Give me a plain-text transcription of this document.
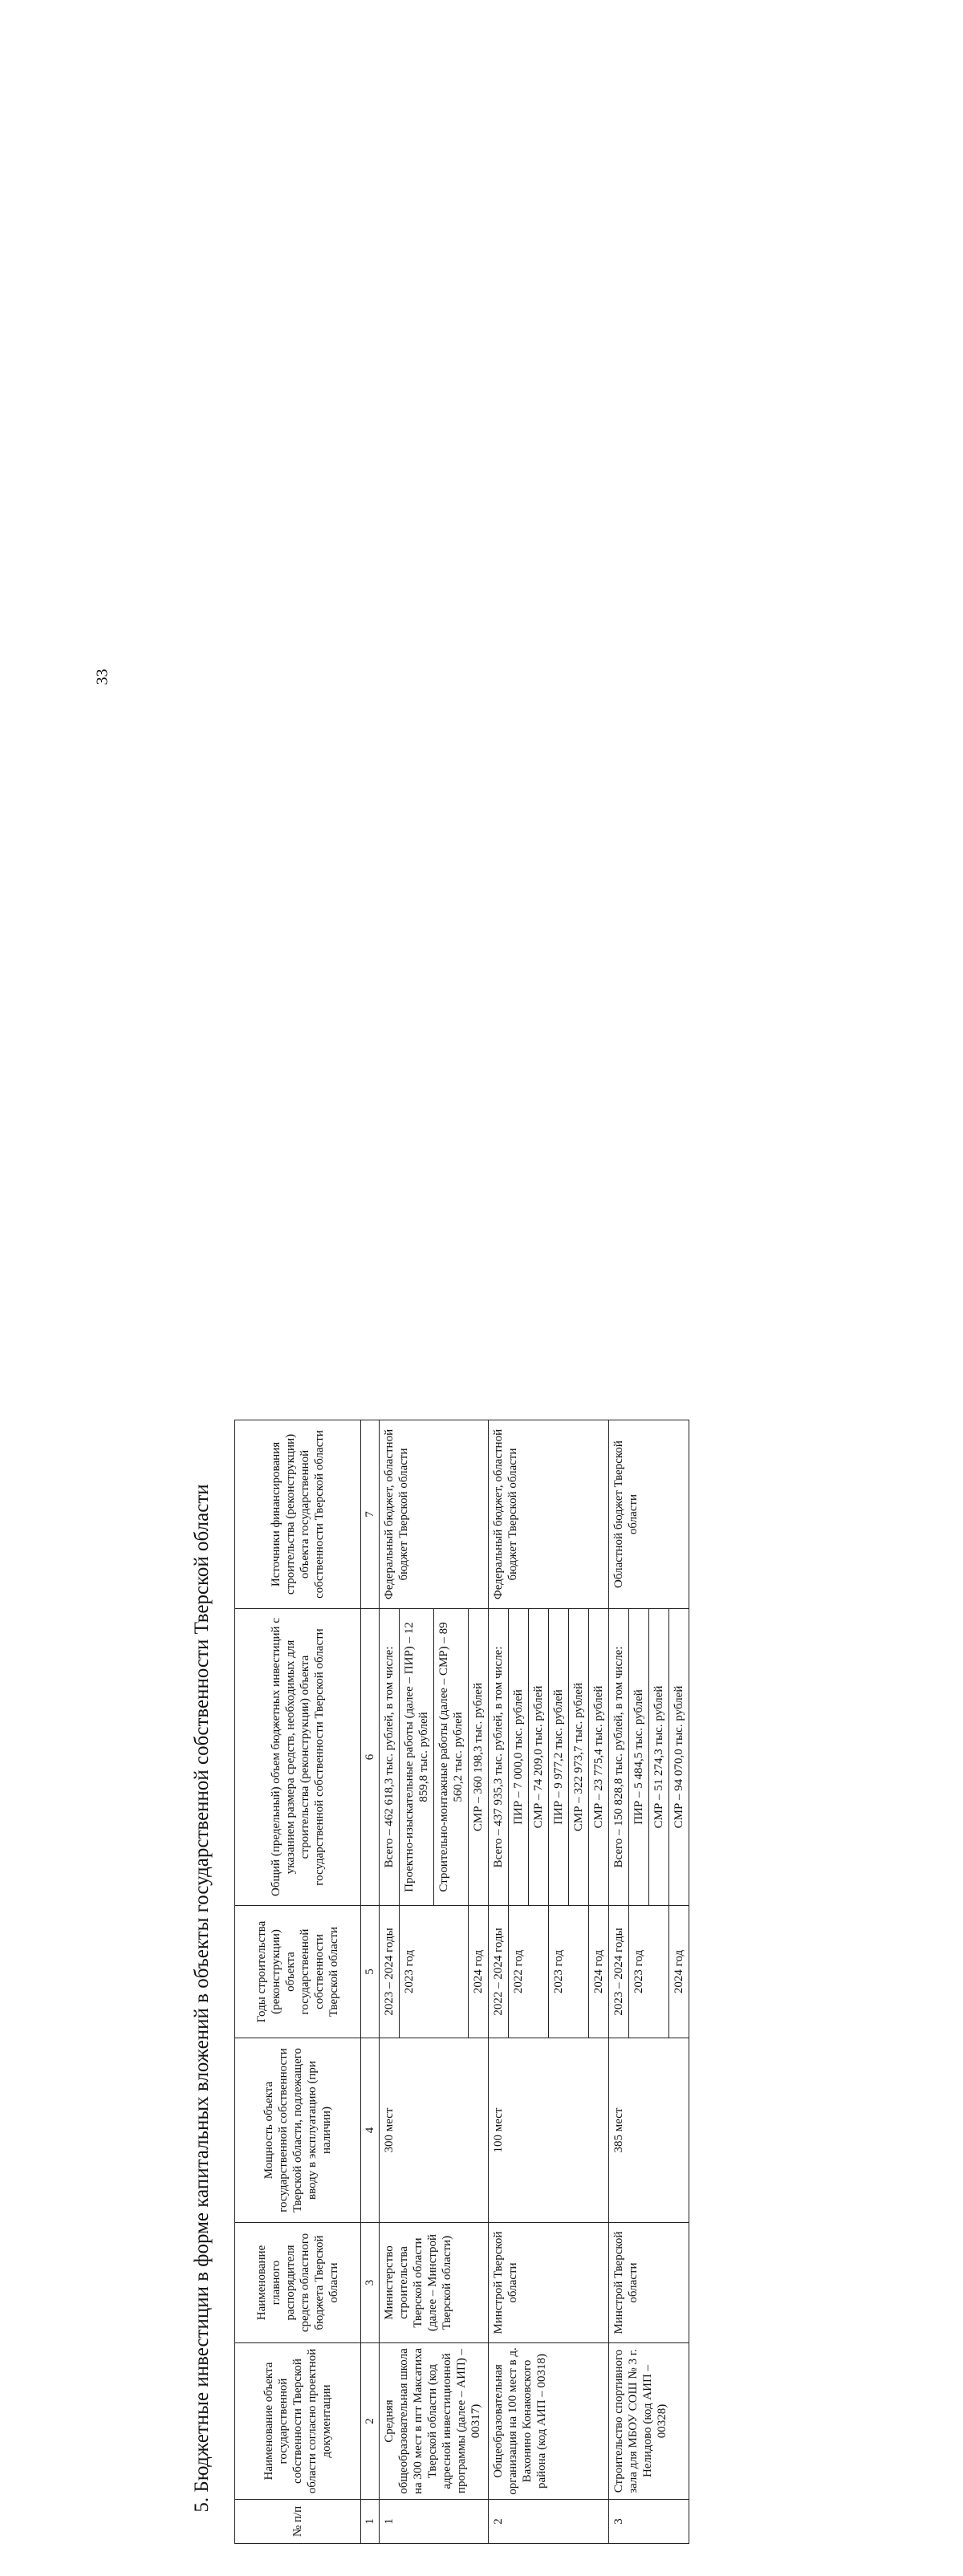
33
5. Бюджетные инвестиции в форме капитальных вложений в объекты государственной собственности Тверской области
№ п/п	Наименование объекта государственной собственности Тверской области согласно проектной документации	Наименование главного распорядителя средств областного бюджета Тверской области	Мощность объекта государственной собственности Тверской области, подлежащего вводу в эксплуатацию (при наличии)	Годы строительства (реконструкции) объекта государственной собственности Тверской области	Общий (предельный) объем бюджетных инвестиций с указанием размера средств, необходимых для строительства (реконструкции) объекта государственной собственности Тверской области	Источники финансирования строительства (реконструкции) объекта государственной собственности Тверской области
1	2	3	4	5	6	7
1	Средняя общеобразовательная школа на 300 мест в пгт Максатиха Тверской области (код адресной инвестиционной программы (далее – АИП) – 00317)	Министерство строительства Тверской области (далее – Минстрой Тверской области)	300 мест	2023 – 2024 годы	Всего – 462 618,3 тыс. рублей, в том числе:	Федеральный бюджет, областной бюджет Тверской области
				2023 год	Проектно-изыскательные работы (далее – ПИР) – 12 859,8 тыс. рублей	
					Строительно-монтажные работы (далее – СМР) – 89 560,2 тыс. рублей	
				2024 год	СМР – 360 198,3 тыс. рублей	
2	Общеобразовательная организация на 100 мест в д. Вахонино Конаковского района (код АИП – 00318)	Минстрой Тверской области	100 мест	2022 – 2024 годы	Всего – 437 935,3 тыс. рублей, в том числе:	Федеральный бюджет, областной бюджет Тверской области
				2022 год	ПИР – 7 000,0 тыс. рублей	
					СМР – 74 209,0 тыс. рублей	
				2023 год	ПИР – 9 977,2 тыс. рублей	
					СМР – 322 973,7 тыс. рублей	
				2024 год	СМР – 23 775,4 тыс. рублей	
3	Строительство спортивного зала для МБОУ СОШ № 3 г. Нелидово (код АИП – 00328)	Минстрой Тверской области	385 мест	2023 – 2024 годы	Всего – 150 828,8 тыс. рублей, в том числе:	Областной бюджет Тверской области
				2023 год	ПИР – 5 484,5 тыс. рублей	
					СМР – 51 274,3 тыс. рублей	
				2024 год	СМР – 94 070,0 тыс. рублей	
